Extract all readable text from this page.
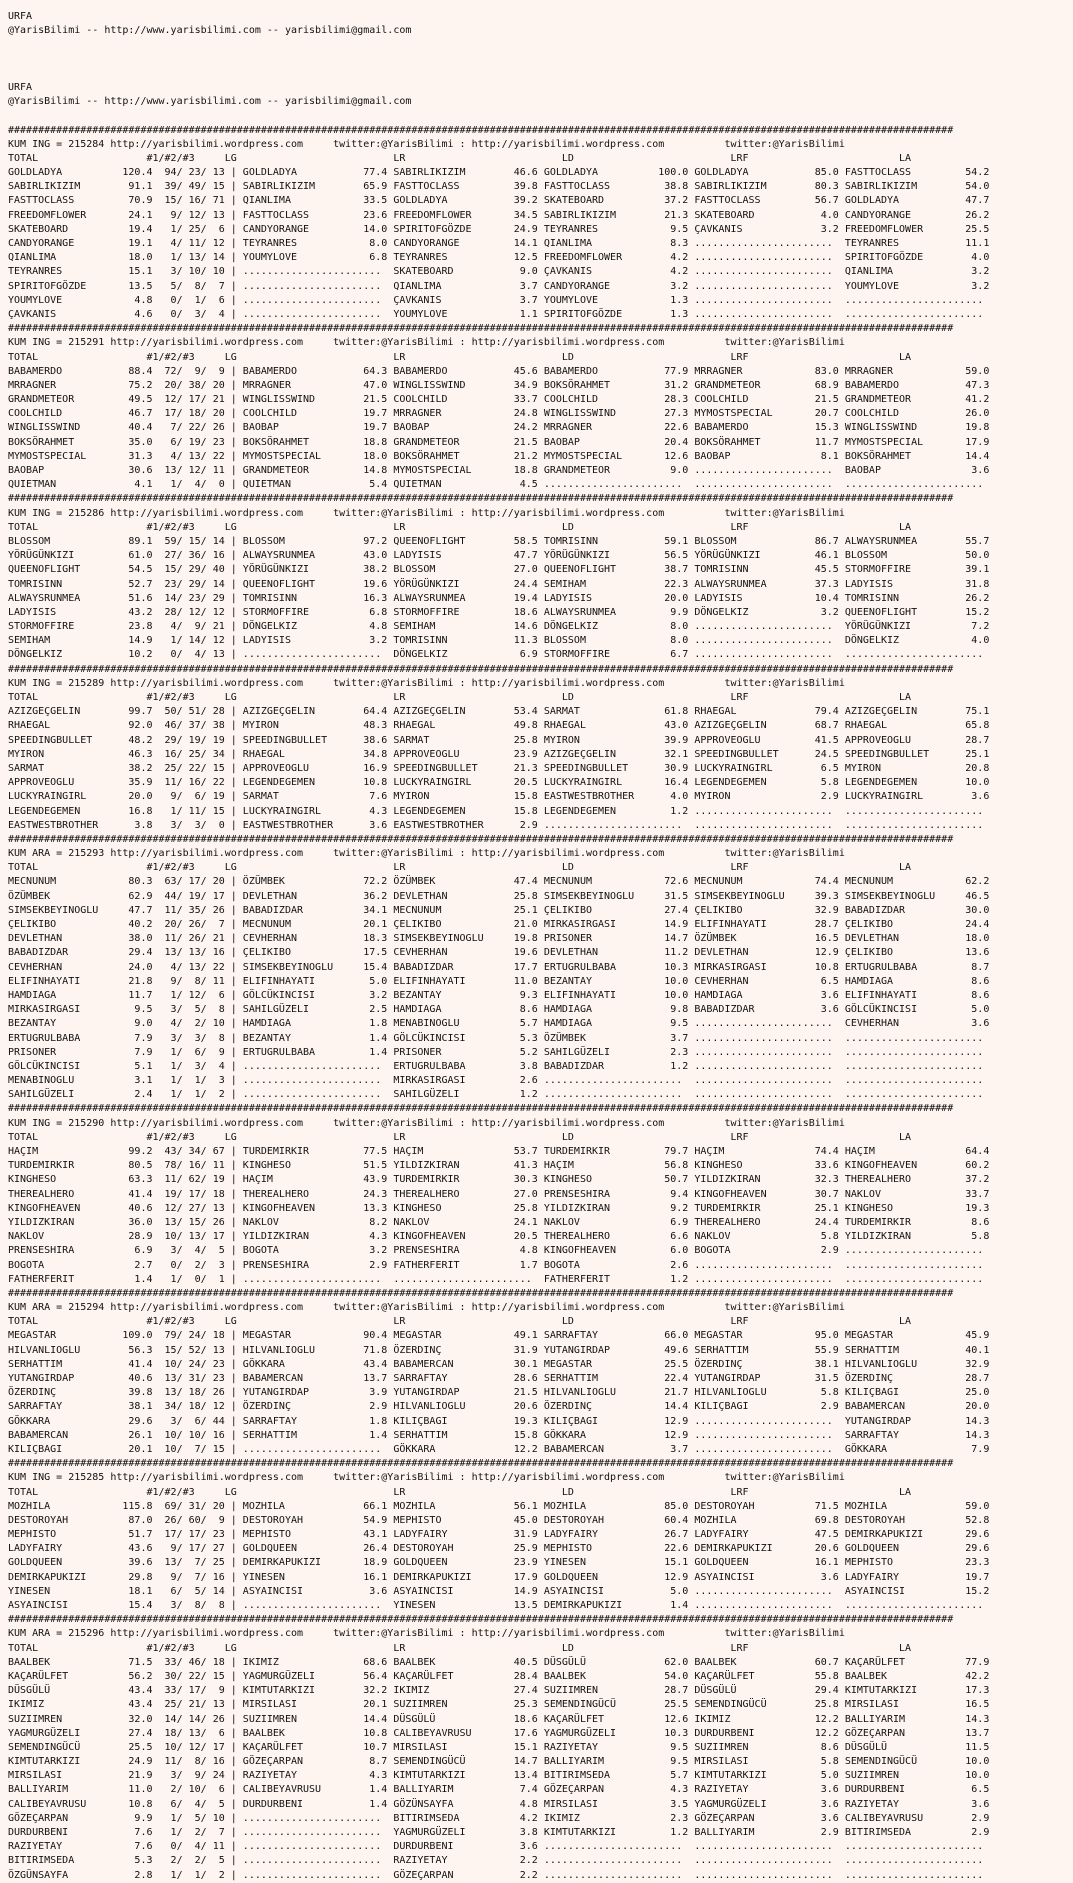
URFA
@YarisBilimi -- http://www.yarisbilimi.com -- yarisbilimi@gmail.com

URFA
@YarisBilimi -- http://www.yarisbilimi.com -- yarisbilimi@gmail.com

#############################################################################################################################################################
KUM ING = 215284 http://yarisbilimi.wordpress.com     twitter:@YarisBilimi : http://yarisbilimi.wordpress.com          twitter:@YarisBilimi
TOTAL                  #1/#2/#3     LG                          LR                          LD                          LRF                         LA
GOLDLADYA          120.4  94/ 23/ 13 | GOLDLADYA           77.4 SABIRLIKIZIM        46.6 GOLDLADYA          100.0 GOLDLADYA           85.0 FASTTOCLASS         54.2
SABIRLIKIZIM        91.1  39/ 49/ 15 | SABIRLIKIZIM        65.9 FASTTOCLASS         39.8 FASTTOCLASS         38.8 SABIRLIKIZIM        80.3 SABIRLIKIZIM        54.0
FASTTOCLASS         70.9  15/ 16/ 71 | QIANLIMA            33.5 GOLDLADYA           39.2 SKATEBOARD          37.2 FASTTOCLASS         56.7 GOLDLADYA           47.7
FREEDOMFLOWER       24.1   9/ 12/ 13 | FASTTOCLASS         23.6 FREEDOMFLOWER       34.5 SABIRLIKIZIM        21.3 SKATEBOARD           4.0 CANDYORANGE         26.2
SKATEBOARD          19.4   1/ 25/  6 | CANDYORANGE         14.0 SPIRITOFGÖZDE       24.9 TEYRANRES            9.5 ÇAVKANIS             3.2 FREEDOMFLOWER       25.5
CANDYORANGE         19.1   4/ 11/ 12 | TEYRANRES            8.0 CANDYORANGE         14.1 QIANLIMA             8.3 .......................  TEYRANRES           11.1
QIANLIMA            18.0   1/ 13/ 14 | YOUMYLOVE            6.8 TEYRANRES           12.5 FREEDOMFLOWER        4.2 .......................  SPIRITOFGÖZDE        4.0
TEYRANRES           15.1   3/ 10/ 10 | .......................  SKATEBOARD           9.0 ÇAVKANIS             4.2 .......................  QIANLIMA             3.2
SPIRITOFGÖZDE       13.5   5/  8/  7 | .......................  QIANLIMA             3.7 CANDYORANGE          3.2 .......................  YOUMYLOVE            3.2
YOUMYLOVE            4.8   0/  1/  6 | .......................  ÇAVKANIS             3.7 YOUMYLOVE            1.3 .......................  .......................
ÇAVKANIS             4.6   0/  3/  4 | .......................  YOUMYLOVE            1.1 SPIRITOFGÖZDE        1.3 .......................  .......................
#############################################################################################################################################################
KUM ING = 215291 http://yarisbilimi.wordpress.com     twitter:@YarisBilimi : http://yarisbilimi.wordpress.com          twitter:@YarisBilimi
TOTAL                  #1/#2/#3     LG                          LR                          LD                          LRF                         LA
BABAMERDO           88.4  72/  9/  9 | BABAMERDO           64.3 BABAMERDO           45.6 BABAMERDO           77.9 MRRAGNER            83.0 MRRAGNER            59.0
MRRAGNER            75.2  20/ 38/ 20 | MRRAGNER            47.0 WINGLISSWIND        34.9 BOKSÖRAHMET         31.2 GRANDMETEOR         68.9 BABAMERDO           47.3
GRANDMETEOR         49.5  12/ 17/ 21 | WINGLISSWIND        21.5 COOLCHILD           33.7 COOLCHILD           28.3 COOLCHILD           21.5 GRANDMETEOR         41.2
COOLCHILD           46.7  17/ 18/ 20 | COOLCHILD           19.7 MRRAGNER            24.8 WINGLISSWIND        27.3 MYMOSTSPECIAL       20.7 COOLCHILD           26.0
WINGLISSWIND        40.4   7/ 22/ 26 | BAOBAP              19.7 BAOBAP              24.2 MRRAGNER            22.6 BABAMERDO           15.3 WINGLISSWIND        19.8
BOKSÖRAHMET         35.0   6/ 19/ 23 | BOKSÖRAHMET         18.8 GRANDMETEOR         21.5 BAOBAP              20.4 BOKSÖRAHMET         11.7 MYMOSTSPECIAL       17.9
MYMOSTSPECIAL       31.3   4/ 13/ 22 | MYMOSTSPECIAL       18.0 BOKSÖRAHMET         21.2 MYMOSTSPECIAL       12.6 BAOBAP               8.1 BOKSÖRAHMET         14.4
BAOBAP              30.6  13/ 12/ 11 | GRANDMETEOR         14.8 MYMOSTSPECIAL       18.8 GRANDMETEOR          9.0 .......................  BAOBAP               3.6
QUIETMAN             4.1   1/  4/  0 | QUIETMAN             5.4 QUIETMAN             4.5 .......................  .......................  .......................
#############################################################################################################################################################
KUM ING = 215286 http://yarisbilimi.wordpress.com     twitter:@YarisBilimi : http://yarisbilimi.wordpress.com          twitter:@YarisBilimi
TOTAL                  #1/#2/#3     LG                          LR                          LD                          LRF                         LA
BLOSSOM             89.1  59/ 15/ 14 | BLOSSOM             97.2 QUEENOFLIGHT        58.5 TOMRISINN           59.1 BLOSSOM             86.7 ALWAYSRUNMEA        55.7
YÖRÜGÜNKIZI         61.0  27/ 36/ 16 | ALWAYSRUNMEA        43.0 LADYISIS            47.7 YÖRÜGÜNKIZI         56.5 YÖRÜGÜNKIZI         46.1 BLOSSOM             50.0
QUEENOFLIGHT        54.5  15/ 29/ 40 | YÖRÜGÜNKIZI         38.2 BLOSSOM             27.0 QUEENOFLIGHT        38.7 TOMRISINN           45.5 STORMOFFIRE         39.1
TOMRISINN           52.7  23/ 29/ 14 | QUEENOFLIGHT        19.6 YÖRÜGÜNKIZI         24.4 SEMIHAM             22.3 ALWAYSRUNMEA        37.3 LADYISIS            31.8
ALWAYSRUNMEA        51.6  14/ 23/ 29 | TOMRISINN           16.3 ALWAYSRUNMEA        19.4 LADYISIS            20.0 LADYISIS            10.4 TOMRISINN           26.2
LADYISIS            43.2  28/ 12/ 12 | STORMOFFIRE          6.8 STORMOFFIRE         18.6 ALWAYSRUNMEA         9.9 DÖNGELKIZ            3.2 QUEENOFLIGHT        15.2
STORMOFFIRE         23.8   4/  9/ 21 | DÖNGELKIZ            4.8 SEMIHAM             14.6 DÖNGELKIZ            8.0 .......................  YÖRÜGÜNKIZI          7.2
SEMIHAM             14.9   1/ 14/ 12 | LADYISIS             3.2 TOMRISINN           11.3 BLOSSOM              8.0 .......................  DÖNGELKIZ            4.0
DÖNGELKIZ           10.2   0/  4/ 13 | .......................  DÖNGELKIZ            6.9 STORMOFFIRE          6.7 .......................  .......................
#############################################################################################################################################################
KUM ING = 215289 http://yarisbilimi.wordpress.com     twitter:@YarisBilimi : http://yarisbilimi.wordpress.com          twitter:@YarisBilimi
TOTAL                  #1/#2/#3     LG                          LR                          LD                          LRF                         LA
AZIZGEÇGELIN        99.7  50/ 51/ 28 | AZIZGEÇGELIN        64.4 AZIZGEÇGELIN        53.4 SARMAT              61.8 RHAEGAL             79.4 AZIZGEÇGELIN        75.1
RHAEGAL             92.0  46/ 37/ 38 | MYIRON              48.3 RHAEGAL             49.8 RHAEGAL             43.0 AZIZGEÇGELIN        68.7 RHAEGAL             65.8
SPEEDINGBULLET      48.2  29/ 19/ 19 | SPEEDINGBULLET      38.6 SARMAT              25.8 MYIRON              39.9 APPROVEOGLU         41.5 APPROVEOGLU         28.7
MYIRON              46.3  16/ 25/ 34 | RHAEGAL             34.8 APPROVEOGLU         23.9 AZIZGEÇGELIN        32.1 SPEEDINGBULLET      24.5 SPEEDINGBULLET      25.1
SARMAT              38.2  25/ 22/ 15 | APPROVEOGLU         16.9 SPEEDINGBULLET      21.3 SPEEDINGBULLET      30.9 LUCKYRAINGIRL        6.5 MYIRON              20.8
APPROVEOGLU         35.9  11/ 16/ 22 | LEGENDEGEMEN        10.8 LUCKYRAINGIRL       20.5 LUCKYRAINGIRL       16.4 LEGENDEGEMEN         5.8 LEGENDEGEMEN        10.0
LUCKYRAINGIRL       20.0   9/  6/ 19 | SARMAT               7.6 MYIRON              15.8 EASTWESTBROTHER      4.0 MYIRON               2.9 LUCKYRAINGIRL        3.6
LEGENDEGEMEN        16.8   1/ 11/ 15 | LUCKYRAINGIRL        4.3 LEGENDEGEMEN        15.8 LEGENDEGEMEN         1.2 .......................  .......................
EASTWESTBROTHER      3.8   3/  3/  0 | EASTWESTBROTHER      3.6 EASTWESTBROTHER      2.9 .......................  .......................  .......................
#############################################################################################################################################################
KUM ARA = 215293 http://yarisbilimi.wordpress.com     twitter:@YarisBilimi : http://yarisbilimi.wordpress.com          twitter:@YarisBilimi
TOTAL                  #1/#2/#3     LG                          LR                          LD                          LRF                         LA
MECNUNUM            80.3  63/ 17/ 20 | ÖZÜMBEK             72.2 ÖZÜMBEK             47.4 MECNUNUM            72.6 MECNUNUM            74.4 MECNUNUM            62.2
ÖZÜMBEK             62.9  44/ 19/ 17 | DEVLETHAN           36.2 DEVLETHAN           25.8 SIMSEKBEYINOGLU     31.5 SIMSEKBEYINOGLU     39.3 SIMSEKBEYINOGLU     46.5
SIMSEKBEYINOGLU     47.7  11/ 35/ 26 | BABADIZDAR          34.1 MECNUNUM            25.1 ÇELIKIBO            27.4 ÇELIKIBO            32.9 BABADIZDAR          30.0
ÇELIKIBO            40.2  20/ 26/  7 | MECNUNUM            20.1 ÇELIKIBO            21.0 MIRKASIRGASI        14.9 ELIFINHAYATI        28.7 ÇELIKIBO            24.4
DEVLETHAN           38.0  11/ 26/ 21 | CEVHERHAN           18.3 SIMSEKBEYINOGLU     19.8 PRISONER            14.7 ÖZÜMBEK             16.5 DEVLETHAN           18.0
BABADIZDAR          29.4  13/ 13/ 16 | ÇELIKIBO            17.5 CEVHERHAN           19.6 DEVLETHAN           11.2 DEVLETHAN           12.9 ÇELIKIBO            13.6
CEVHERHAN           24.0   4/ 13/ 22 | SIMSEKBEYINOGLU     15.4 BABADIZDAR          17.7 ERTUGRULBABA        10.3 MIRKASIRGASI        10.8 ERTUGRULBABA         8.7
ELIFINHAYATI        21.8   9/  8/ 11 | ELIFINHAYATI         5.0 ELIFINHAYATI        11.0 BEZANTAY            10.0 CEVHERHAN            6.5 HAMDIAGA             8.6
HAMDIAGA            11.7   1/ 12/  6 | GÖLCÜKINCISI         3.2 BEZANTAY             9.3 ELIFINHAYATI        10.0 HAMDIAGA             3.6 ELIFINHAYATI         8.6
MIRKASIRGASI         9.5   3/  5/  8 | SAHILGÜZELI          2.5 HAMDIAGA             8.6 HAMDIAGA             9.8 BABADIZDAR           3.6 GÖLCÜKINCISI         5.0
BEZANTAY             9.0   4/  2/ 10 | HAMDIAGA             1.8 MENABINOGLU          5.7 HAMDIAGA             9.5 .......................  CEVHERHAN            3.6
ERTUGRULBABA         7.9   3/  3/  8 | BEZANTAY             1.4 GÖLCÜKINCISI         5.3 ÖZÜMBEK              3.7 .......................  .......................
PRISONER             7.9   1/  6/  9 | ERTUGRULBABA         1.4 PRISONER             5.2 SAHILGÜZELI          2.3 .......................  .......................
GÖLCÜKINCISI         5.1   1/  3/  4 | .......................  ERTUGRULBABA         3.8 BABADIZDAR           1.2 .......................  .......................
MENABINOGLU          3.1   1/  1/  3 | .......................  MIRKASIRGASI         2.6 .......................  .......................  .......................
SAHILGÜZELI          2.4   1/  1/  2 | .......................  SAHILGÜZELI          1.2 .......................  .......................  .......................
#############################################################################################################################################################
KUM ING = 215290 http://yarisbilimi.wordpress.com     twitter:@YarisBilimi : http://yarisbilimi.wordpress.com          twitter:@YarisBilimi
TOTAL                  #1/#2/#3     LG                          LR                          LD                          LRF                         LA
HAÇIM               99.2  43/ 34/ 67 | TURDEMIRKIR         77.5 HAÇIM               53.7 TURDEMIRKIR         79.7 HAÇIM               74.4 HAÇIM               64.4
TURDEMIRKIR         80.5  78/ 16/ 11 | KINGHESO            51.5 YILDIZKIRAN         41.3 HAÇIM               56.8 KINGHESO            33.6 KINGOFHEAVEN        60.2
KINGHESO            63.3  11/ 62/ 19 | HAÇIM               43.9 TURDEMIRKIR         30.3 KINGHESO            50.7 YILDIZKIRAN         32.3 THEREALHERO         37.2
THEREALHERO         41.4  19/ 17/ 18 | THEREALHERO         24.3 THEREALHERO         27.0 PRENSESHIRA          9.4 KINGOFHEAVEN        30.7 NAKLOV              33.7
KINGOFHEAVEN        40.6  12/ 27/ 13 | KINGOFHEAVEN        13.3 KINGHESO            25.8 YILDIZKIRAN          9.2 TURDEMIRKIR         25.1 KINGHESO            19.3
YILDIZKIRAN         36.0  13/ 15/ 26 | NAKLOV               8.2 NAKLOV              24.1 NAKLOV               6.9 THEREALHERO         24.4 TURDEMIRKIR          8.6
NAKLOV              28.9  10/ 13/ 17 | YILDIZKIRAN          4.3 KINGOFHEAVEN        20.5 THEREALHERO          6.6 NAKLOV               5.8 YILDIZKIRAN          5.8
PRENSESHIRA          6.9   3/  4/  5 | BOGOTA               3.2 PRENSESHIRA          4.8 KINGOFHEAVEN         6.0 BOGOTA               2.9 .......................
BOGOTA               2.7   0/  2/  3 | PRENSESHIRA          2.9 FATHERFERIT          1.7 BOGOTA               2.6 .......................  .......................
FATHERFERIT          1.4   1/  0/  1 | .......................  .......................  FATHERFERIT          1.2 .......................  .......................
#############################################################################################################################################################
KUM ARA = 215294 http://yarisbilimi.wordpress.com     twitter:@YarisBilimi : http://yarisbilimi.wordpress.com          twitter:@YarisBilimi
TOTAL                  #1/#2/#3     LG                          LR                          LD                          LRF                         LA
MEGASTAR           109.0  79/ 24/ 18 | MEGASTAR            90.4 MEGASTAR            49.1 SARRAFTAY           66.0 MEGASTAR            95.0 MEGASTAR            45.9
HILVANLIOGLU        56.3  15/ 52/ 13 | HILVANLIOGLU        71.8 ÖZERDINÇ            31.9 YUTANGIRDAP         49.6 SERHATTIM           55.9 SERHATTIM           40.1
SERHATTIM           41.4  10/ 24/ 23 | GÖKKARA             43.4 BABAMERCAN          30.1 MEGASTAR            25.5 ÖZERDINÇ            38.1 HILVANLIOGLU        32.9
YUTANGIRDAP         40.6  13/ 31/ 23 | BABAMERCAN          13.7 SARRAFTAY           28.6 SERHATTIM           22.4 YUTANGIRDAP         31.5 ÖZERDINÇ            28.7
ÖZERDINÇ            39.8  13/ 18/ 26 | YUTANGIRDAP          3.9 YUTANGIRDAP         21.5 HILVANLIOGLU        21.7 HILVANLIOGLU         5.8 KILIÇBAGI           25.0
SARRAFTAY           38.1  34/ 18/ 12 | ÖZERDINÇ             2.9 HILVANLIOGLU        20.6 ÖZERDINÇ            14.4 KILIÇBAGI            2.9 BABAMERCAN          20.0
GÖKKARA             29.6   3/  6/ 44 | SARRAFTAY            1.8 KILIÇBAGI           19.3 KILIÇBAGI           12.9 .......................  YUTANGIRDAP         14.3
BABAMERCAN          26.1  10/ 10/ 16 | SERHATTIM            1.4 SERHATTIM           15.8 GÖKKARA             12.9 .......................  SARRAFTAY           14.3
KILIÇBAGI           20.1  10/  7/ 15 | .......................  GÖKKARA             12.2 BABAMERCAN           3.7 .......................  GÖKKARA              7.9
#############################################################################################################################################################
KUM ING = 215285 http://yarisbilimi.wordpress.com     twitter:@YarisBilimi : http://yarisbilimi.wordpress.com          twitter:@YarisBilimi
TOTAL                  #1/#2/#3     LG                          LR                          LD                          LRF                         LA
MOZHILA            115.8  69/ 31/ 20 | MOZHILA             66.1 MOZHILA             56.1 MOZHILA             85.0 DESTOROYAH          71.5 MOZHILA             59.0
DESTOROYAH          87.0  26/ 60/  9 | DESTOROYAH          54.9 MEPHISTO            45.0 DESTOROYAH          60.4 MOZHILA             69.8 DESTOROYAH          52.8
MEPHISTO            51.7  17/ 17/ 23 | MEPHISTO            43.1 LADYFAIRY           31.9 LADYFAIRY           26.7 LADYFAIRY           47.5 DEMIRKAPUKIZI       29.6
LADYFAIRY           43.6   9/ 17/ 27 | GOLDQUEEN           26.4 DESTOROYAH          25.9 MEPHISTO            22.6 DEMIRKAPUKIZI       20.6 GOLDQUEEN           29.6
GOLDQUEEN           39.6  13/  7/ 25 | DEMIRKAPUKIZI       18.9 GOLDQUEEN           23.9 YINESEN             15.1 GOLDQUEEN           16.1 MEPHISTO            23.3
DEMIRKAPUKIZI       29.8   9/  7/ 16 | YINESEN             16.1 DEMIRKAPUKIZI       17.9 GOLDQUEEN           12.9 ASYAINCISI           3.6 LADYFAIRY           19.7
YINESEN             18.1   6/  5/ 14 | ASYAINCISI           3.6 ASYAINCISI          14.9 ASYAINCISI           5.0 .......................  ASYAINCISI          15.2
ASYAINCISI          15.4   3/  8/  8 | .......................  YINESEN             13.5 DEMIRKAPUKIZI        1.4 .......................  .......................
#############################################################################################################################################################
KUM ARA = 215296 http://yarisbilimi.wordpress.com     twitter:@YarisBilimi : http://yarisbilimi.wordpress.com          twitter:@YarisBilimi
TOTAL                  #1/#2/#3     LG                          LR                          LD                          LRF                         LA
BAALBEK             71.5  33/ 46/ 18 | IKIMIZ              68.6 BAALBEK             40.5 DÜSGÜLÜ             62.0 BAALBEK             60.7 KAÇARÜLFET          77.9
KAÇARÜLFET          56.2  30/ 22/ 15 | YAGMURGÜZELI        56.4 KAÇARÜLFET          28.4 BAALBEK             54.0 KAÇARÜLFET          55.8 BAALBEK             42.2
DÜSGÜLÜ             43.4  33/ 17/  9 | KIMTUTARKIZI        32.2 IKIMIZ              27.4 SUZIIMREN           28.7 DÜSGÜLÜ             29.4 KIMTUTARKIZI        17.3
IKIMIZ              43.4  25/ 21/ 13 | MIRSILASI           20.1 SUZIIMREN           25.3 SEMENDINGÜCÜ        25.5 SEMENDINGÜCÜ        25.8 MIRSILASI           16.5
SUZIIMREN           32.0  14/ 14/ 26 | SUZIIMREN           14.4 DÜSGÜLÜ             18.6 KAÇARÜLFET          12.6 IKIMIZ              12.2 BALLIYARIM          14.3
YAGMURGÜZELI        27.4  18/ 13/  6 | BAALBEK             10.8 CALIBEYAVRUSU       17.6 YAGMURGÜZELI        10.3 DURDURBENI          12.2 GÖZEÇARPAN          13.7
SEMENDINGÜCÜ        25.5  10/ 12/ 17 | KAÇARÜLFET          10.7 MIRSILASI           15.1 RAZIYETAY            9.5 SUZIIMREN            8.6 DÜSGÜLÜ             11.5
KIMTUTARKIZI        24.9  11/  8/ 16 | GÖZEÇARPAN           8.7 SEMENDINGÜCÜ        14.7 BALLIYARIM           9.5 MIRSILASI            5.8 SEMENDINGÜCÜ        10.0
MIRSILASI           21.9   3/  9/ 24 | RAZIYETAY            4.3 KIMTUTARKIZI        13.4 BITIRIMSEDA          5.7 KIMTUTARKIZI         5.0 SUZIIMREN           10.0
BALLIYARIM          11.0   2/ 10/  6 | CALIBEYAVRUSU        1.4 BALLIYARIM           7.4 GÖZEÇARPAN           4.3 RAZIYETAY            3.6 DURDURBENI           6.5
CALIBEYAVRUSU       10.8   6/  4/  5 | DURDURBENI           1.4 GÖZÜNSAYFA           4.8 MIRSILASI            3.5 YAGMURGÜZELI         3.6 RAZIYETAY            3.6
GÖZEÇARPAN           9.9   1/  5/ 10 | .......................  BITIRIMSEDA          4.2 IKIMIZ               2.3 GÖZEÇARPAN           3.6 CALIBEYAVRUSU        2.9
DURDURBENI           7.6   1/  2/  7 | .......................  YAGMURGÜZELI         3.8 KIMTUTARKIZI         1.2 BALLIYARIM           2.9 BITIRIMSEDA          2.9
RAZIYETAY            7.6   0/  4/ 11 | .......................  DURDURBENI           3.6 .......................  .......................  .......................
BITIRIMSEDA          5.3   2/  2/  5 | .......................  RAZIYETAY            2.2 .......................  .......................  .......................
ÖZGÜNSAYFA           2.8   1/  1/  2 | .......................  GÖZEÇARPAN           2.2 .......................  .......................  .......................
